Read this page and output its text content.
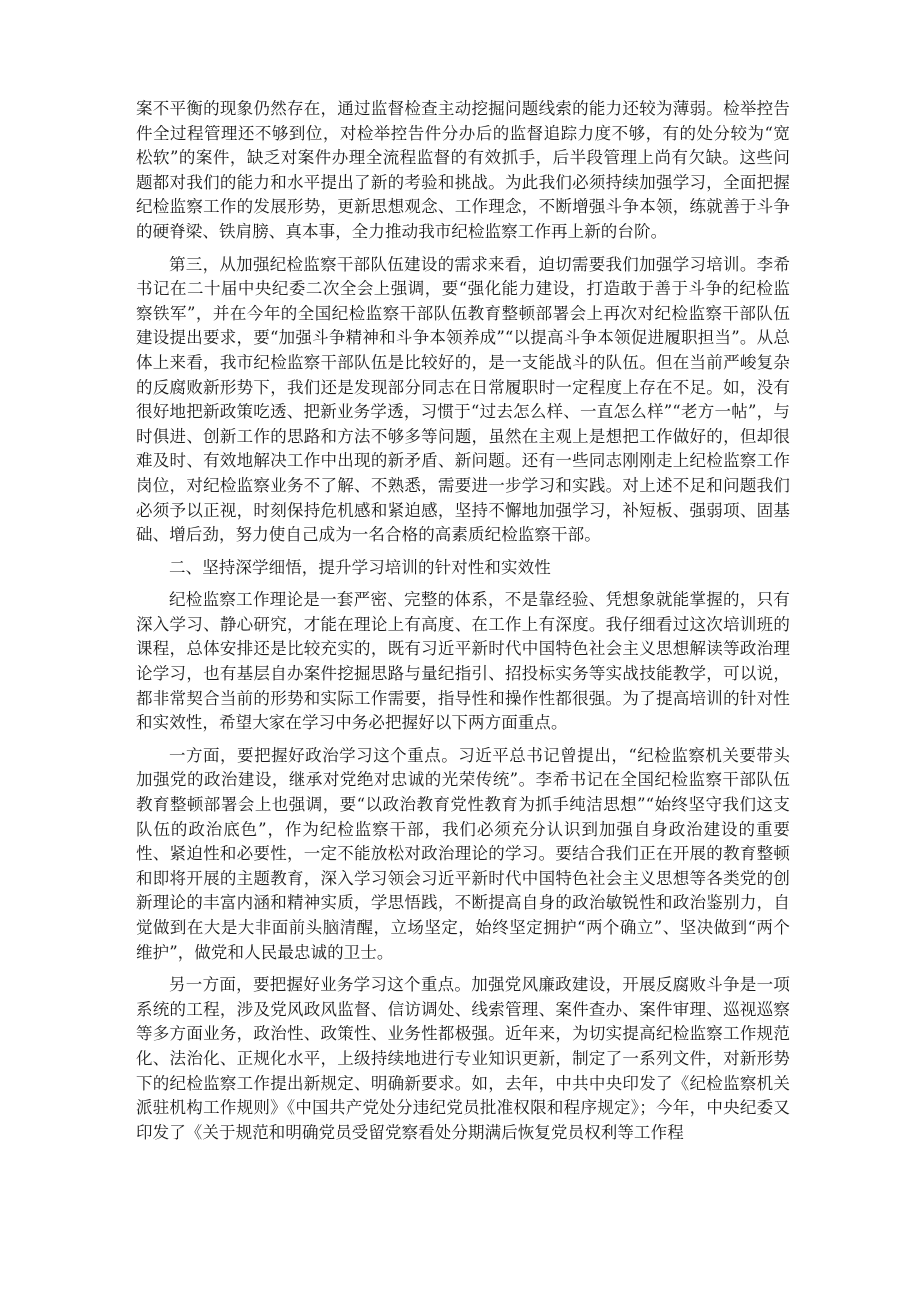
案不平衡的现象仍然存在，通过监督检查主动挖掘问题线索的能力还较为薄弱。检举控告件全过程管理还不够到位，对检举控告件分办后的监督追踪力度不够，有的处分较为“宽松软”的案件，缺乏对案件办理全流程监督的有效抓手，后半段管理上尚有欠缺。这些问题都对我们的能力和水平提出了新的考验和挑战。为此我们必须持续加强学习，全面把握纪检监察工作的发展形势，更新思想观念、工作理念，不断增强斗争本领，练就善于斗争的硬脊梁、铁肩膀、真本事，全力推动我市纪检监察工作再上新的台阶。

第三，从加强纪检监察干部队伍建设的需求来看，迫切需要我们加强学习培训。李希书记在二十届中央纪委二次全会上强调，要“强化能力建设，打造敢于善于斗争的纪检监察铁军”，并在今年的全国纪检监察干部队伍教育整顿部署会上再次对纪检监察干部队伍建设提出要求，要“加强斗争精神和斗争本领养成”“以提高斗争本领促进履职担当”。从总体上来看，我市纪检监察干部队伍是比较好的，是一支能战斗的队伍。但在当前严峻复杂的反腐败新形势下，我们还是发现部分同志在日常履职时一定程度上存在不足。如，没有很好地把新政策吃透、把新业务学透，习惯于“过去怎么样、一直怎么样”“老方一帖”，与时俱进、创新工作的思路和方法不够多等问题，虽然在主观上是想把工作做好的，但却很难及时、有效地解决工作中出现的新矛盾、新问题。还有一些同志刚刚走上纪检监察工作岗位，对纪检监察业务不了解、不熟悉，需要进一步学习和实践。对上述不足和问题我们必须予以正视，时刻保持危机感和紧迫感，坚持不懈地加强学习，补短板、强弱项、固基础、增后劲，努力使自己成为一名合格的高素质纪检监察干部。

二、坚持深学细悟，提升学习培训的针对性和实效性

纪检监察工作理论是一套严密、完整的体系，不是靠经验、凭想象就能掌握的，只有深入学习、静心研究，才能在理论上有高度、在工作上有深度。我仔细看过这次培训班的课程，总体安排还是比较充实的，既有习近平新时代中国特色社会主义思想解读等政治理论学习，也有基层自办案件挖掘思路与量纪指引、招投标实务等实战技能教学，可以说，都非常契合当前的形势和实际工作需要，指导性和操作性都很强。为了提高培训的针对性和实效性，希望大家在学习中务必把握好以下两方面重点。

一方面，要把握好政治学习这个重点。习近平总书记曾提出，“纪检监察机关要带头加强党的政治建设，继承对党绝对忠诚的光荣传统”。李希书记在全国纪检监察干部队伍教育整顿部署会上也强调，要“以政治教育党性教育为抓手纯洁思想”“始终坚守我们这支队伍的政治底色”，作为纪检监察干部，我们必须充分认识到加强自身政治建设的重要性、紧迫性和必要性，一定不能放松对政治理论的学习。要结合我们正在开展的教育整顿和即将开展的主题教育，深入学习领会习近平新时代中国特色社会主义思想等各类党的创新理论的丰富内涵和精神实质，学思悟践，不断提高自身的政治敏锐性和政治鉴别力，自觉做到在大是大非面前头脑清醒，立场坚定，始终坚定拥护“两个确立”、坚决做到“两个维护”，做党和人民最忠诚的卫士。

另一方面，要把握好业务学习这个重点。加强党风廉政建设，开展反腐败斗争是一项系统的工程，涉及党风政风监督、信访调处、线索管理、案件查办、案件审理、巡视巡察等多方面业务，政治性、政策性、业务性都极强。近年来，为切实提高纪检监察工作规范化、法治化、正规化水平，上级持续地进行专业知识更新，制定了一系列文件，对新形势下的纪检监察工作提出新规定、明确新要求。如，去年，中共中央印发了《纪检监察机关派驻机构工作规则》《中国共产党处分违纪党员批准权限和程序规定》；今年，中央纪委又印发了《关于规范和明确党员受留党察看处分期满后恢复党员权利等工作程
